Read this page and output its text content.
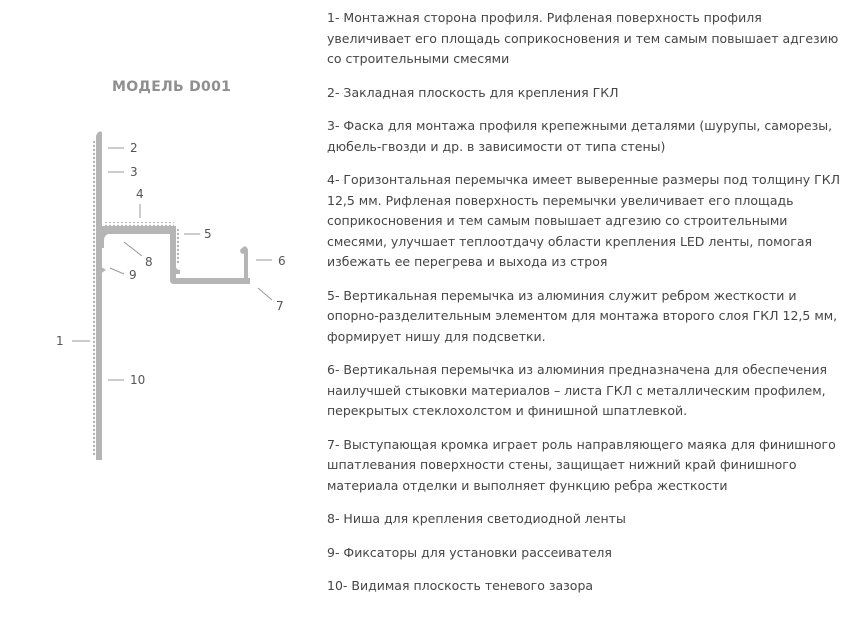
МОДЕЛЬ D001
1
2
3
4
5
6
7
8
9
10

1- Монтажная сторона профиля. Рифленая поверхность профиля увеличивает его площадь соприкосновения и тем самым повышает адгезию со строительными смесями

2- Закладная плоскость для крепления ГКЛ

3- Фаска для монтажа профиля крепежными деталями (шурупы, саморезы, дюбель-гвозди и др. в зависимости от типа стены)

4- Горизонтальная перемычка имеет выверенные размеры под толщину ГКЛ 12,5 мм. Рифленая поверхность перемычки увеличивает его площадь соприкосновения и тем самым повышает адгезию со строительными смесями, улучшает теплоотдачу области крепления LED ленты, помогая избежать ее перегрева и выхода из строя

5- Вертикальная перемычка из алюминия служит ребром жесткости и опорно-разделительным элементом для монтажа второго слоя ГКЛ 12,5 мм, формирует нишу для подсветки.

6- Вертикальная перемычка из алюминия предназначена для обеспечения наилучшей стыковки материалов – листа ГКЛ с металлическим профилем, перекрытых стеклохолстом и финишной шпатлевкой.

7- Выступающая кромка играет роль направляющего маяка для финишного шпатлевания поверхности стены, защищает нижний край финишного материала отделки и выполняет функцию ребра жесткости

8- Ниша для крепления светодиодной ленты

9- Фиксаторы для установки рассеивателя

10- Видимая плоскость теневого зазора
